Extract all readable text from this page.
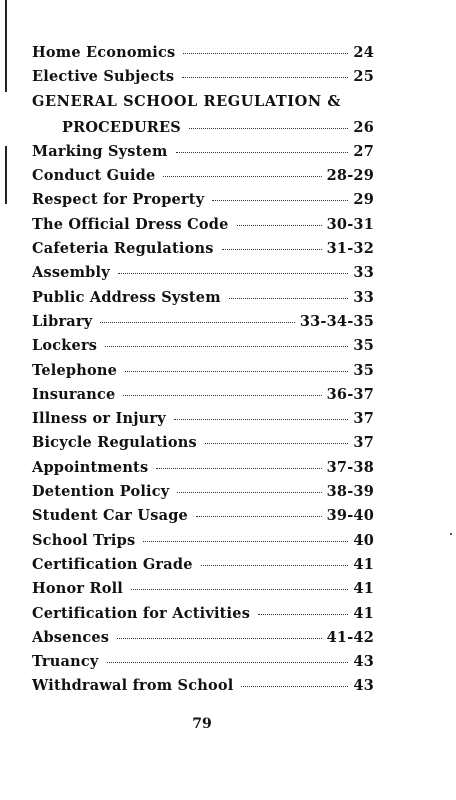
Home Economics	24
Elective Subjects	25
GENERAL SCHOOL REGULATION &
PROCEDURES	26
Marking System	27
Conduct Guide	28-29
Respect for Property	29
The Official Dress Code	30-31
Cafeteria Regulations	31-32
Assembly	33
Public Address System	33
Library	33-34-35
Lockers	35
Telephone	35
Insurance	36-37
Illness or Injury	37
Bicycle Regulations	37
Appointments	37-38
Detention Policy	38-39
Student Car Usage	39-40
School Trips	40
Certification Grade	41
Honor Roll	41
Certification for Activities	41
Absences	41-42
Truancy	43
Withdrawal from School	43
79
